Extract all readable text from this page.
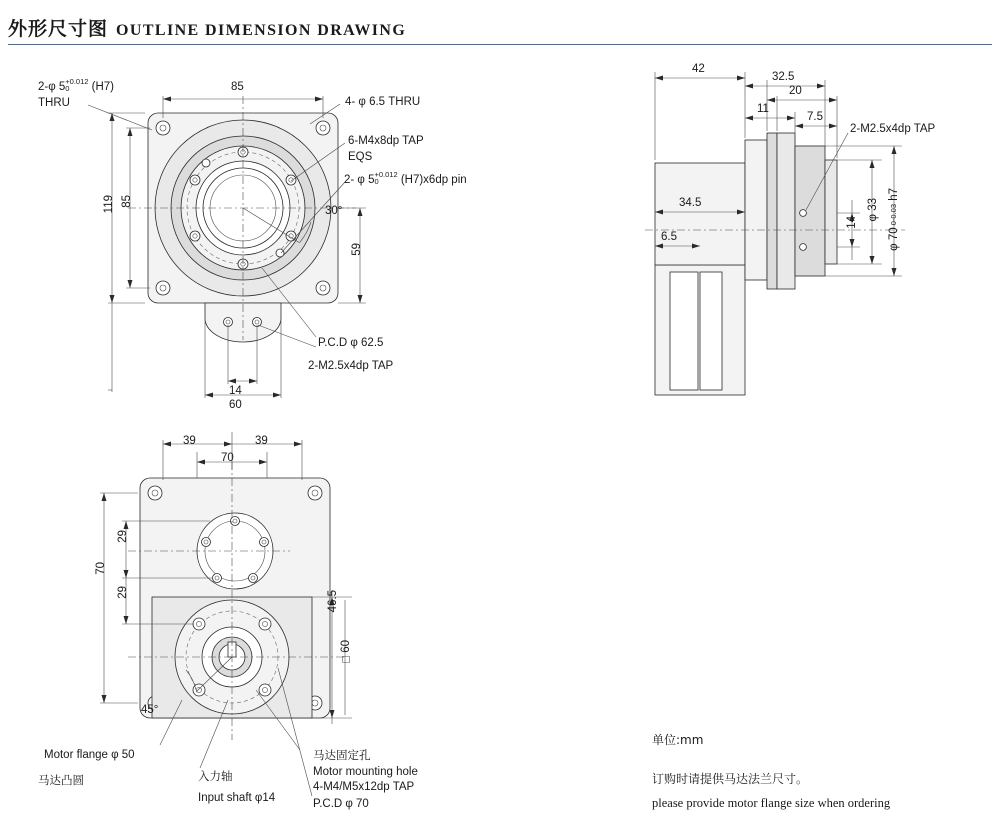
外形尺寸图 OUTLINE DIMENSION DRAWING
2-φ 5+0.012
0 (H7)
THRU	4- φ 6.5 THRU
6-M4x8dp TAP
EQS
2- φ 5+0.012
0 (H7)x6dp pin
30°
P.C.D φ 62.5
2-M2.5x4dp TAP
85
119 85
59
14
60
2-M2.5x4dp TAP
42
32.5
20
11
7.5
34.5
6.5
14
φ 33
φ 70 0-0.03 h7
39	39
70
70
29
29	46.5
□60
45°
Motor flange φ 50
马达凸圆	入力轴
Input shaft φ14
马达固定孔
Motor mounting hole
4-M4/M5x12dp TAP
P.C.D φ 70
单位:mm
订购时请提供马达法兰尺寸。
please provide motor flange size when ordering
